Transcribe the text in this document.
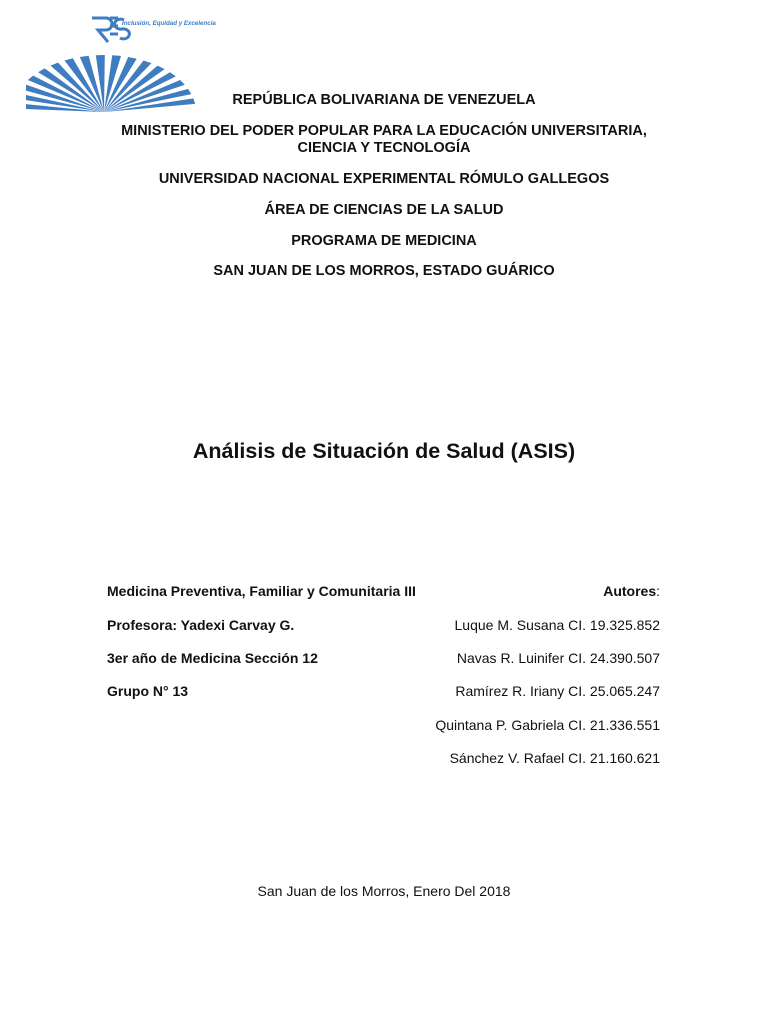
Inclusión, Equidad y Excelencia
REPÚBLICA BOLIVARIANA DE VENEZUELA
MINISTERIO DEL PODER POPULAR PARA LA EDUCACIÓN UNIVERSITARIA,
CIENCIA Y TECNOLOGÍA
UNIVERSIDAD NACIONAL EXPERIMENTAL RÓMULO GALLEGOS
ÁREA DE CIENCIAS DE LA SALUD
PROGRAMA DE MEDICINA
SAN JUAN DE LOS MORROS, ESTADO GUÁRICO
Análisis de Situación de Salud (ASIS)
Medicina Preventiva, Familiar y Comunitaria III
Profesora: Yadexi Carvay G.
3er año de Medicina Sección 12
Grupo N° 13
Autores:
Luque M. Susana CI. 19.325.852
Navas R. Luinifer CI. 24.390.507
Ramírez R. Iriany CI. 25.065.247
Quintana P. Gabriela CI. 21.336.551
Sánchez V. Rafael CI. 21.160.621
San Juan de los Morros, Enero Del 2018
